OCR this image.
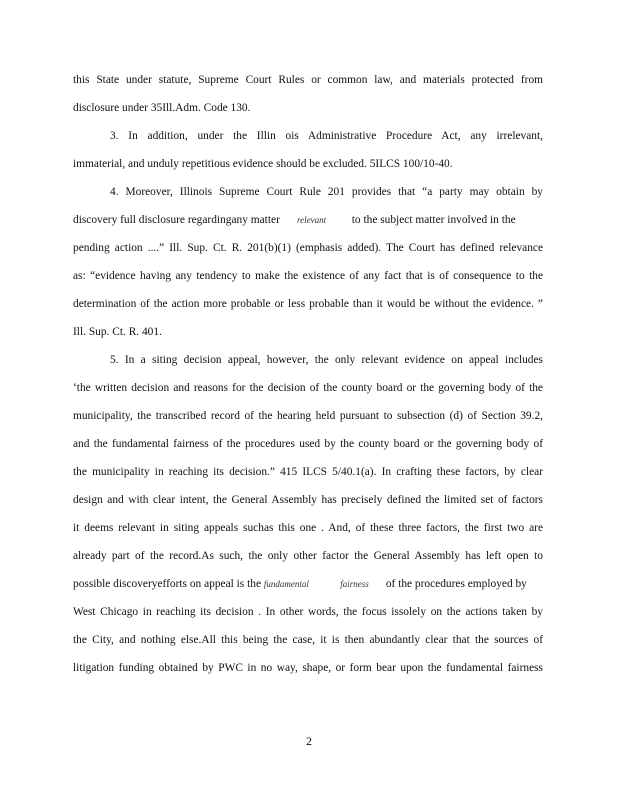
this State under statute, Supreme Court Rules or common law, and materials protected from
disclosure under 35Ill.Adm. Code 130.
3. In addition, under the Illin ois Administrative Procedure Act, any irrelevant,
immaterial, and unduly repetitious evidence should be excluded. 5ILCS 100/10-40.
4. Moreover, Illinois Supreme Court Rule 201 provides that “a party may obtain by
discovery full disclosure regardingany matter relevant to the subject matter involved in the
pending action ....” Ill. Sup. Ct. R. 201(b)(1) (emphasis added). The Court has defined relevance
as: “evidence having any tendency to make the existence of any fact that is of consequence to the
determination of the action more probable or less probable than it would be without the evidence. ”
Ill. Sup. Ct. R. 401.
5. In a siting decision appeal, however, the only relevant evidence on appeal includes
‘the written decision and reasons for the decision of the county board or the governing body of the
municipality, the transcribed record of the hearing held pursuant to subsection (d) of Section 39.2,
and the fundamental fairness of the procedures used by the county board or the governing body of
the municipality in reaching its decision.” 415 ILCS 5/40.1(a). In crafting these factors, by clear
design and with clear intent, the General Assembly has precisely defined the limited set of factors
it deems relevant in siting appeals suchas this one . And, of these three factors, the first two are
already part of the record.As such, the only other factor the General Assembly has left open to
possible discoveryefforts on appeal is the fundamental	fairness of the procedures employed by
West Chicago in reaching its decision . In other words, the focus issolely on the actions taken by
the City, and nothing else.All this being the case, it is then abundantly clear that the sources of
litigation funding obtained by PWC in no way, shape, or form bear upon the fundamental fairness
2
